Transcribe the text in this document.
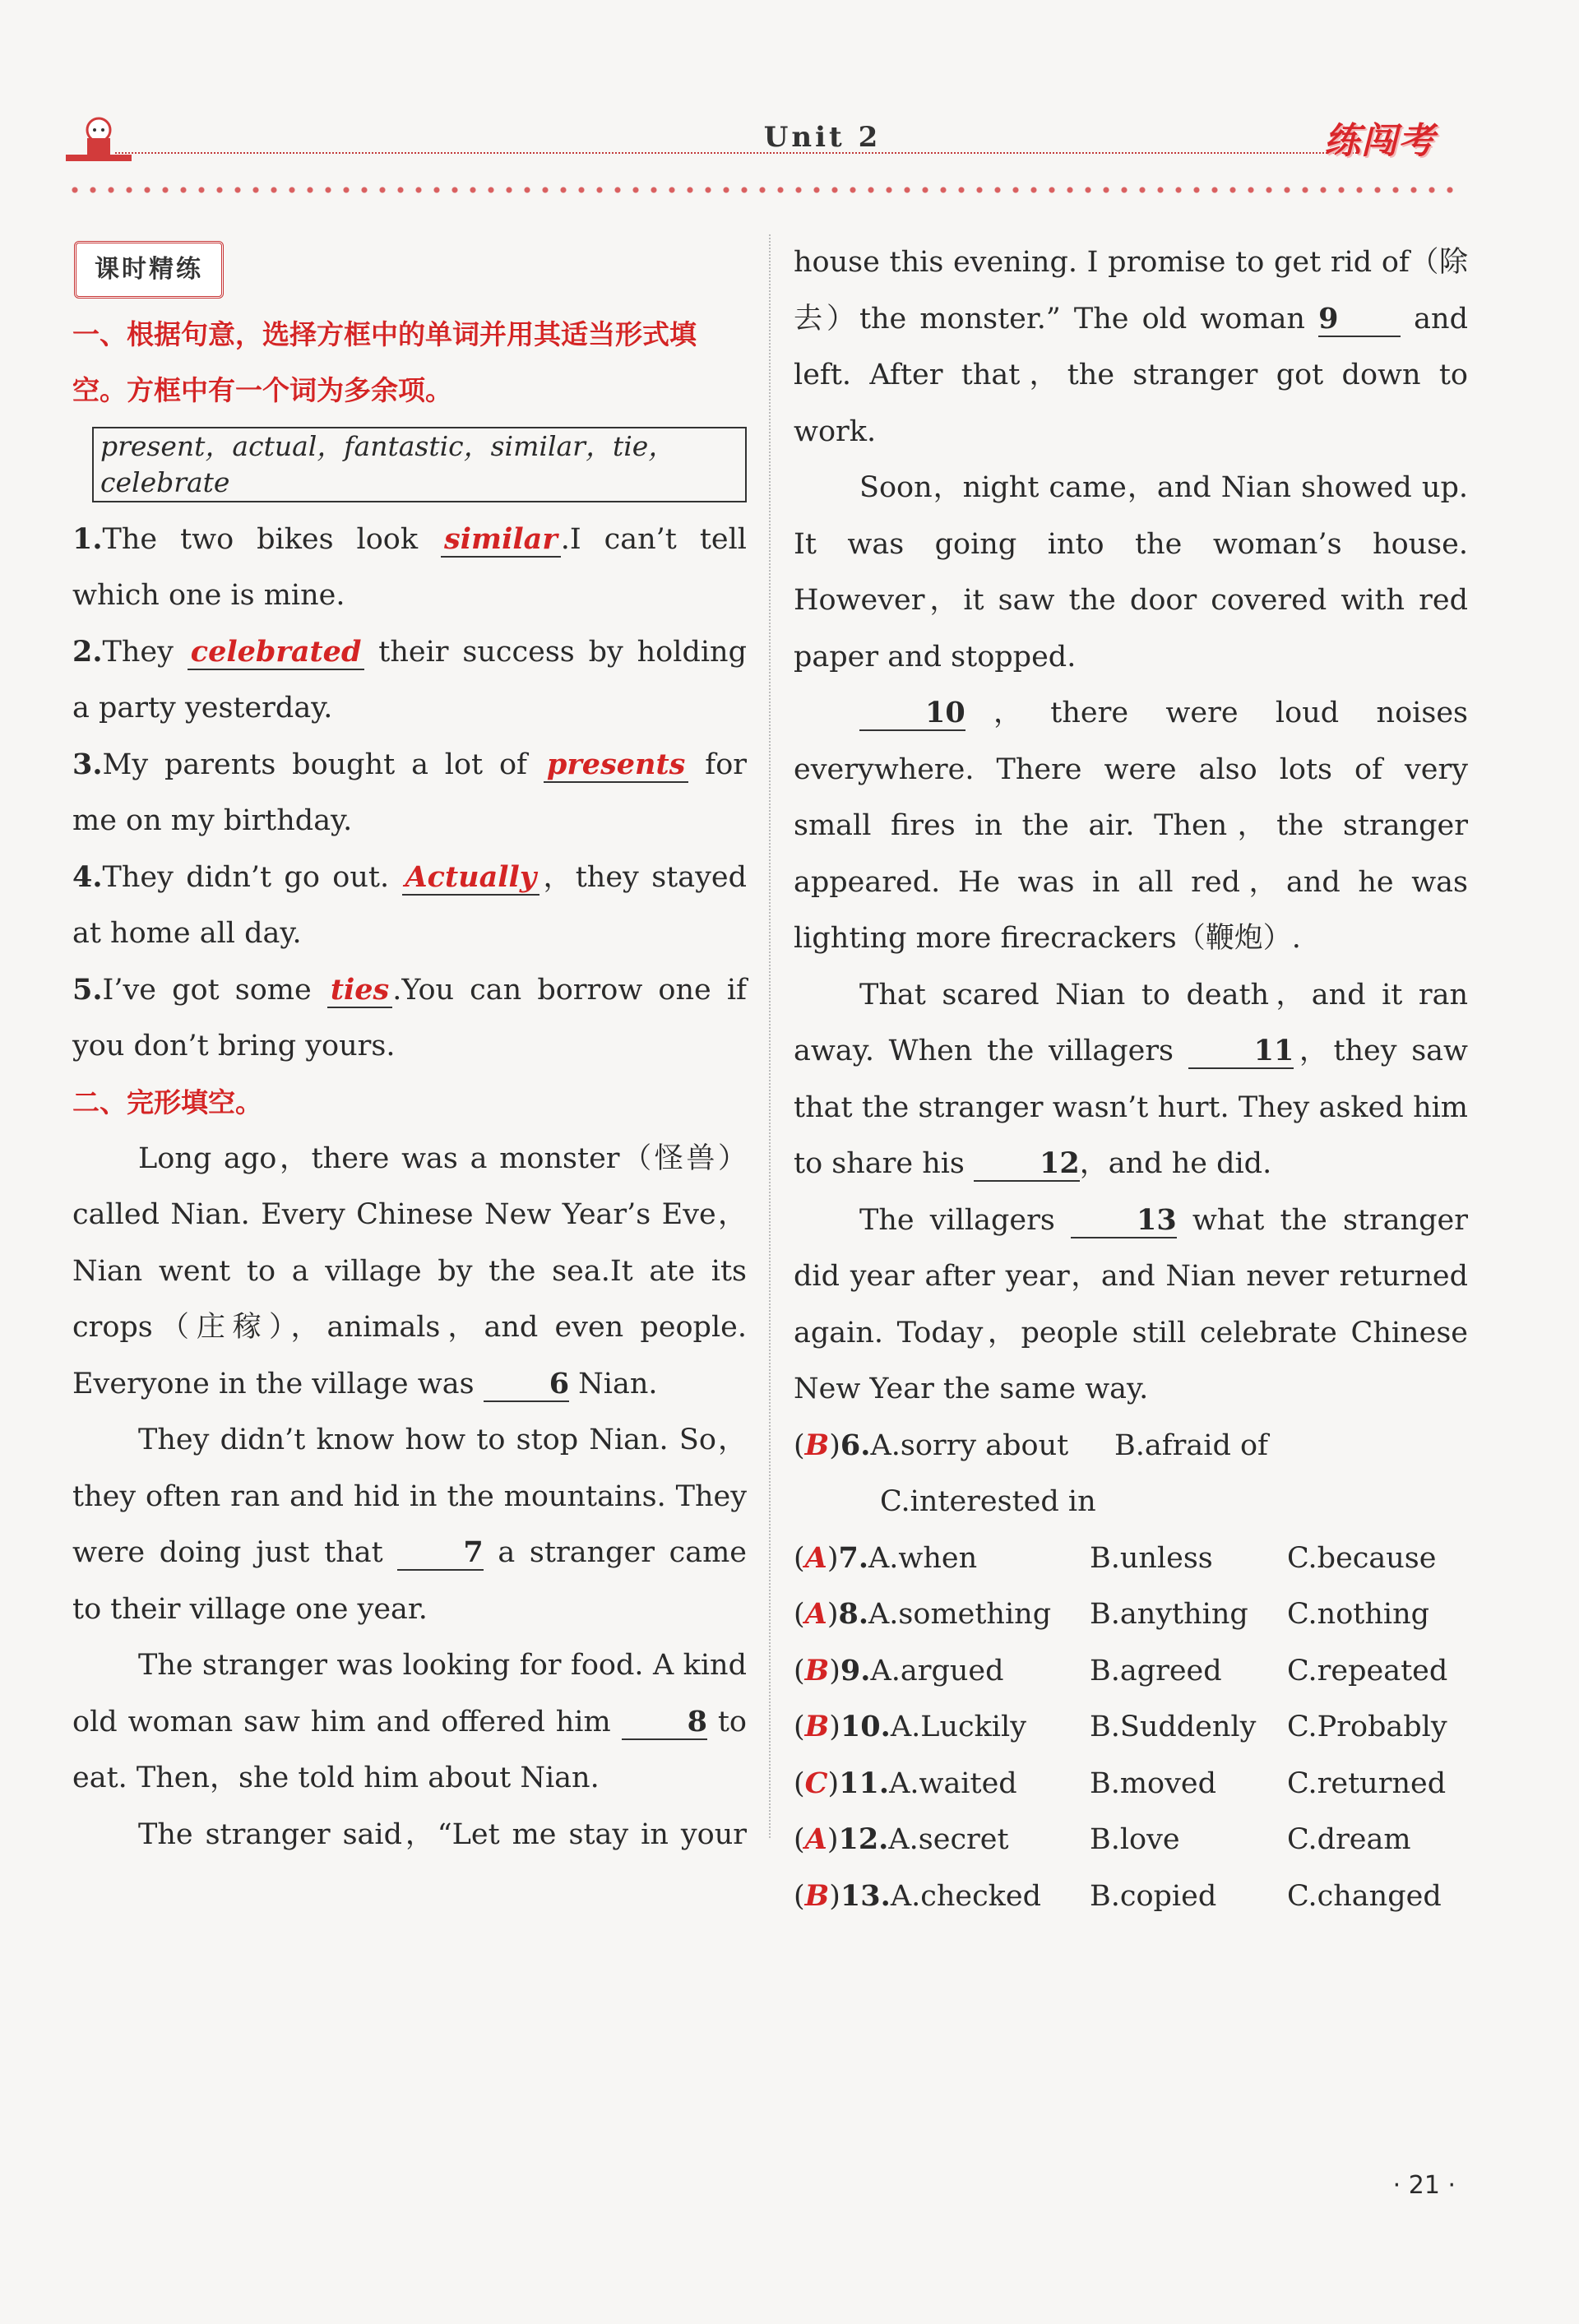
Unit 2	练闯考
课时精练

一、根据句意，选择方框中的单词并用其适当形式填空。方框中有一个词为多余项。

present，actual，fantastic，similar，tie，celebrate

1.The two bikes look similar .I can’t tell which one is mine.

2.They celebrated their success by holding a party yesterday.

3.My parents bought a lot of presents for me on my birthday.

4.They didn’t go out. Actually ，they stayed at home all day.

5.I’ve got some ties .You can borrow one if you don’t bring yours.

二、完形填空。

Long ago，there was a monster（怪兽）called Nian. Every Chinese New Year’s Eve，Nian went to a village by the sea.It ate its crops（庄稼），animals，and even people. Everyone in the village was 6 Nian.

They didn’t know how to stop Nian. So，they often ran and hid in the mountains. They were doing just that 7 a stranger came to their village one year.

The stranger was looking for food. A kind old woman saw him and offered him 8 to eat. Then，she told him about Nian.

The stranger said，“Let me stay in your

house this evening. I promise to get rid of（除去）the monster.” The old woman 9 and left. After that，the stranger got down to work.

Soon，night came，and Nian showed up. It was going into the woman’s house. However，it saw the door covered with red paper and stopped.

10，there were loud noises everywhere. There were also lots of very small fires in the air. Then，the stranger appeared. He was in all red，and he was lighting more firecrackers（鞭炮）.

That scared Nian to death，and it ran away. When the villagers 11，they saw that the stranger wasn’t hurt. They asked him to share his 12，and he did.

The villagers 13 what the stranger did year after year，and Nian never returned again. Today，people still celebrate Chinese New Year the same way.

(B)6.A.sorry about	B.afraid of
C.interested in
(A)7.A.when	B.unless	C.because
(A)8.A.something	B.anything	C.nothing
(B)9.A.argued	B.agreed	C.repeated
(B)10.A.Luckily	B.Suddenly	C.Probably
(C)11.A.waited	B.moved	C.returned
(A)12.A.secret	B.love	C.dream
(B)13.A.checked	B.copied	C.changed
· 21 ·
